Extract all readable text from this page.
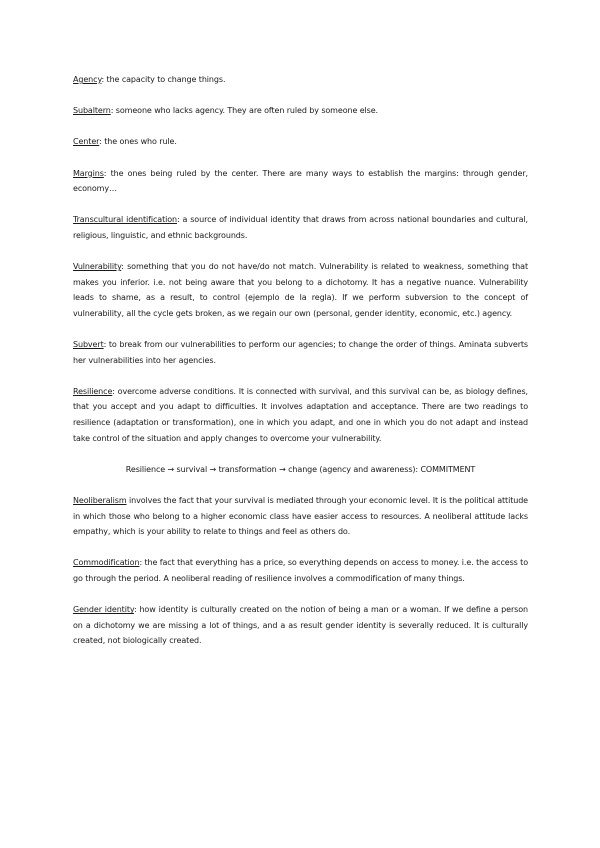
Agency: the capacity to change things.

Subaltern: someone who lacks agency. They are often ruled by someone else.

Center: the ones who rule.

Margins: the ones being ruled by the center. There are many ways to establish the margins: through gender, economy…

Transcultural identification: a source of individual identity that draws from across national boundaries and cultural, religious, linguistic, and ethnic backgrounds.

Vulnerability: something that you do not have/do not match. Vulnerability is related to weakness, something that makes you inferior. i.e. not being aware that you belong to a dichotomy. It has a negative nuance. Vulnerability leads to shame, as a result, to control (ejemplo de la regla). If we perform subversion to the concept of vulnerability, all the cycle gets broken, as we regain our own (personal, gender identity, economic, etc.) agency.

Subvert: to break from our vulnerabilities to perform our agencies; to change the order of things. Aminata subverts her vulnerabilities into her agencies.

Resilience: overcome adverse conditions. It is connected with survival, and this survival can be, as biology defines, that you accept and you adapt to difficulties. It involves adaptation and acceptance. There are two readings to resilience (adaptation or transformation), one in which you adapt, and one in which you do not adapt and instead take control of the situation and apply changes to overcome your vulnerability.

Resilience → survival → transformation → change (agency and awareness): COMMITMENT

Neoliberalism involves the fact that your survival is mediated through your economic level. It is the political attitude in which those who belong to a higher economic class have easier access to resources. A neoliberal attitude lacks empathy, which is your ability to relate to things and feel as others do.

Commodification: the fact that everything has a price, so everything depends on access to money. i.e. the access to go through the period. A neoliberal reading of resilience involves a commodification of many things.

Gender identity: how identity is culturally created on the notion of being a man or a woman. If we define a person on a dichotomy we are missing a lot of things, and a as result gender identity is severally reduced. It is culturally created, not biologically created.
